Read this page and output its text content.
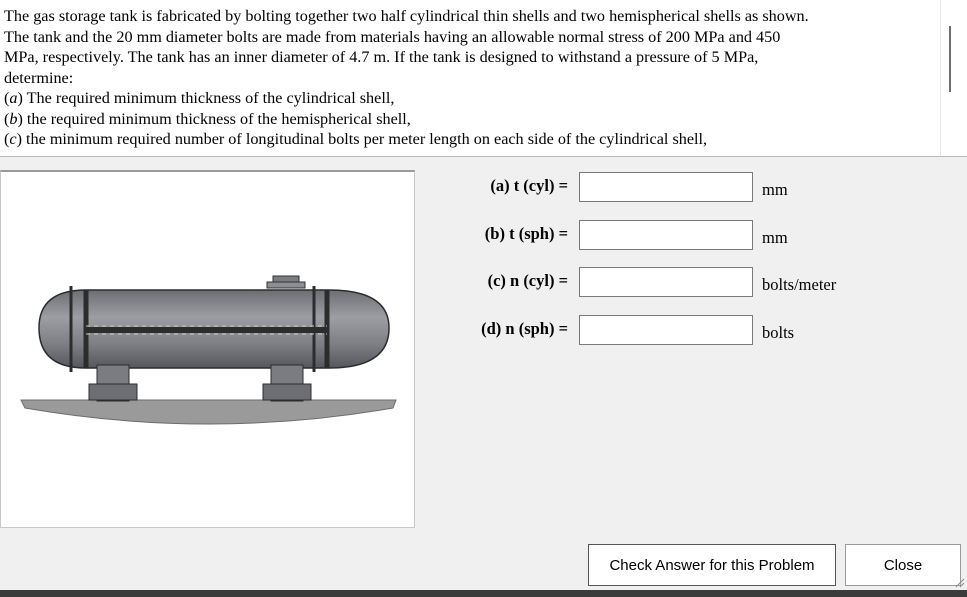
The gas storage tank is fabricated by bolting together two half cylindrical thin shells and two hemispherical shells as shown.

The tank and the 20 mm diameter bolts are made from materials having an allowable normal stress of 200 MPa and 450

MPa, respectively. The tank has an inner diameter of 4.7 m. If the tank is designed to withstand a pressure of 5 MPa,

determine:

(a) The required minimum thickness of the cylindrical shell,

(b) the required minimum thickness of the hemispherical shell,

(c) the minimum required number of longitudinal bolts per meter length on each side of the cylindrical shell,

(a) t (cyl) =	mm
(b) t (sph) =	mm
(c) n (cyl) =	bolts/meter
(d) n (sph) =	bolts
Check Answer for this Problem	Close
